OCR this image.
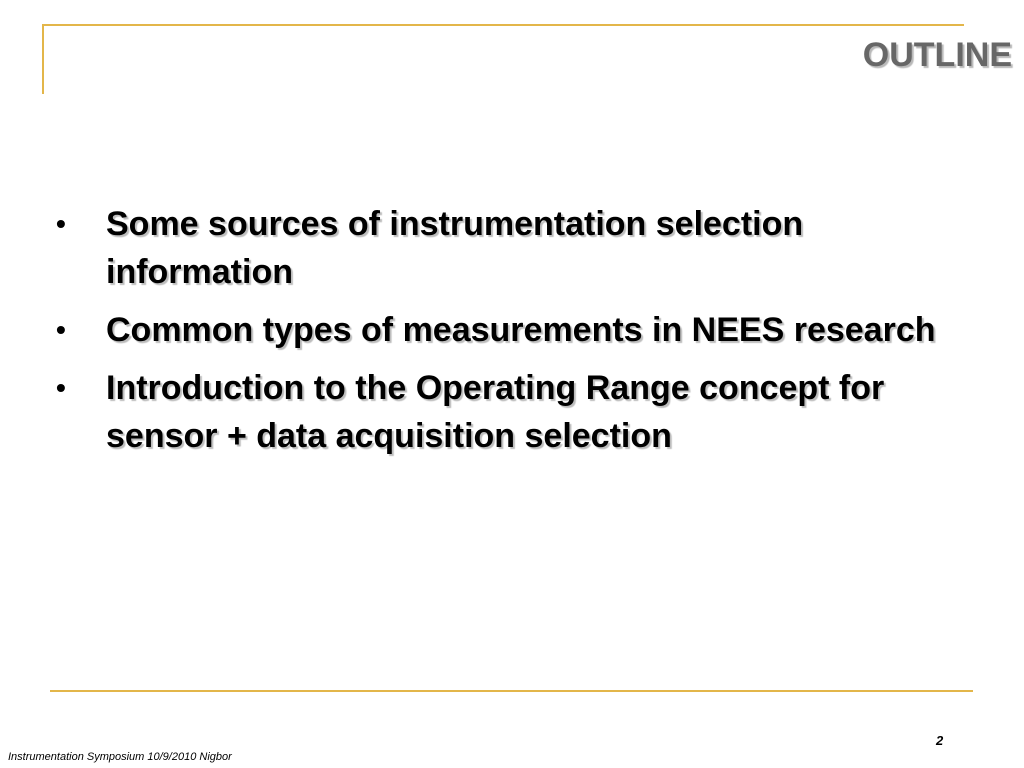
OUTLINE
•	Some sources of instrumentation selection information
•	Common types of measurements in NEES research
•	Introduction to the Operating Range concept for sensor + data acquisition selection
2
Instrumentation Symposium 10/9/2010 Nigbor
